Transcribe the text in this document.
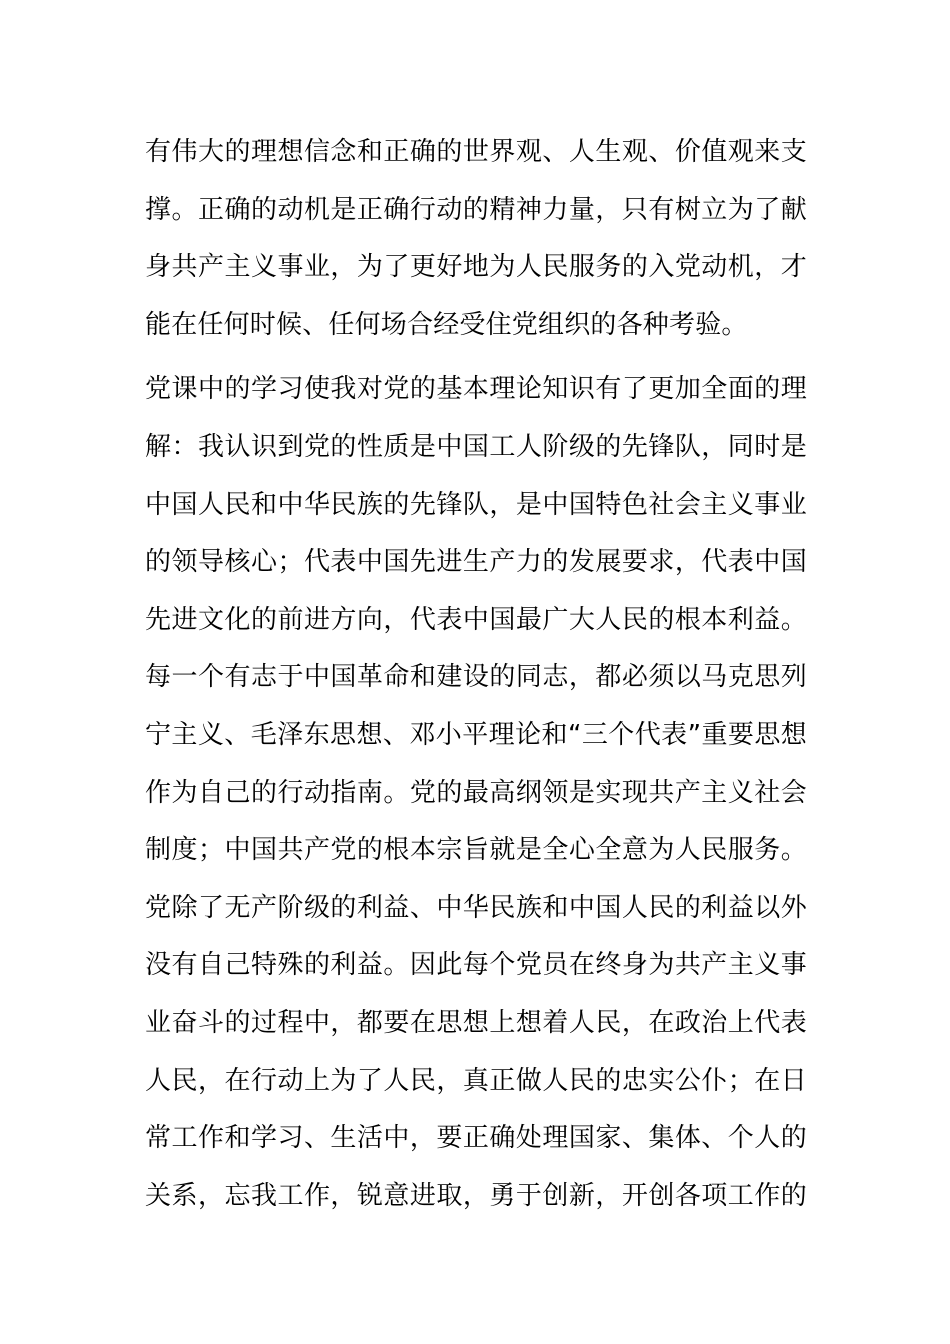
有伟大的理想信念和正确的世界观、人生观、价值观来支
撑。正确的动机是正确行动的精神力量，只有树立为了献
身共产主义事业，为了更好地为人民服务的入党动机，才
能在任何时候、任何场合经受住党组织的各种考验。
党课中的学习使我对党的基本理论知识有了更加全面的理
解：我认识到党的性质是中国工人阶级的先锋队，同时是
中国人民和中华民族的先锋队，是中国特色社会主义事业
的领导核心；代表中国先进生产力的发展要求，代表中国
先进文化的前进方向，代表中国最广大人民的根本利益。
每一个有志于中国革命和建设的同志，都必须以马克思列
宁主义、毛泽东思想、邓小平理论和“三个代表”重要思想
作为自己的行动指南。党的最高纲领是实现共产主义社会
制度；中国共产党的根本宗旨就是全心全意为人民服务。
党除了无产阶级的利益、中华民族和中国人民的利益以外
没有自己特殊的利益。因此每个党员在终身为共产主义事
业奋斗的过程中，都要在思想上想着人民，在政治上代表
人民，在行动上为了人民，真正做人民的忠实公仆；在日
常工作和学习、生活中，要正确处理国家、集体、个人的
关系，忘我工作，锐意进取，勇于创新，开创各项工作的
